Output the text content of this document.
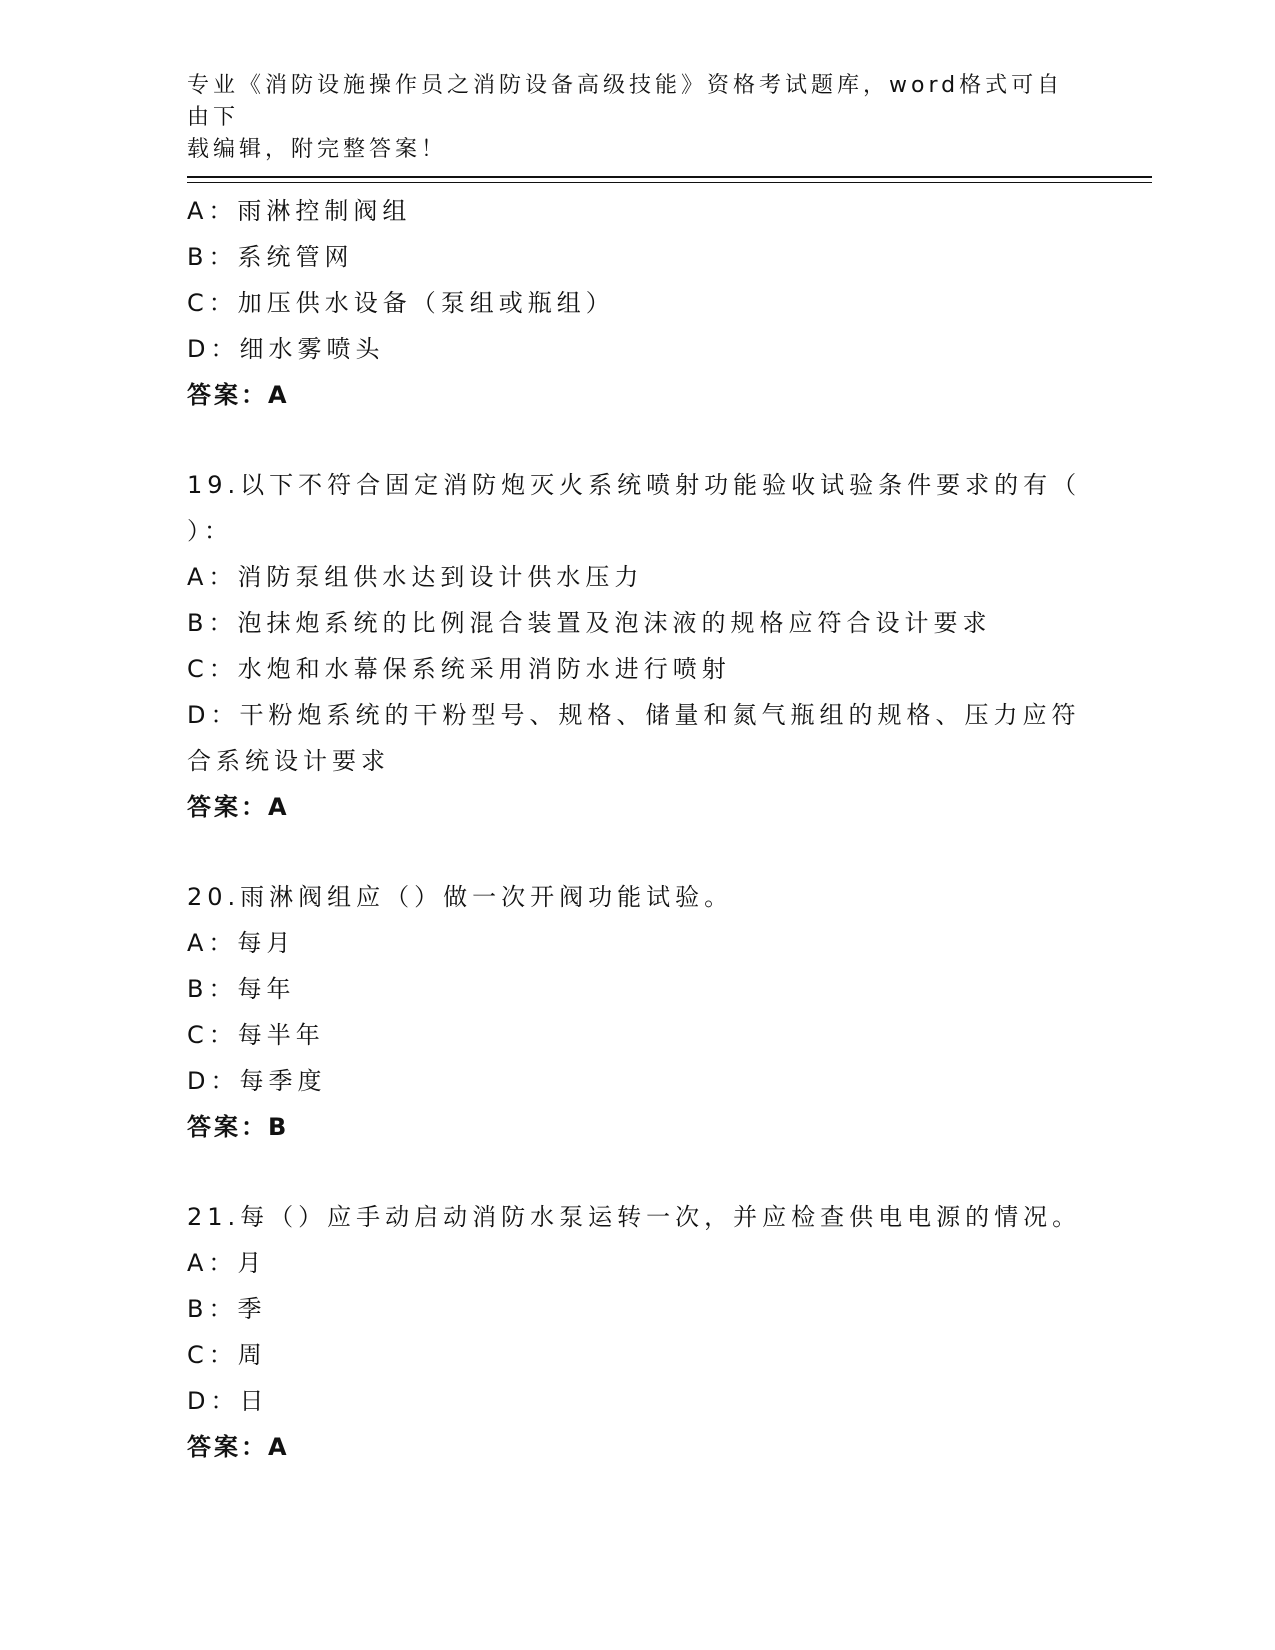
专业《消防设施操作员之消防设备高级技能》资格考试题库，word格式可自由下
载编辑，附完整答案！
A：雨淋控制阀组
B：系统管网
C：加压供水设备（泵组或瓶组）
D：细水雾喷头
答案：A
19.以下不符合固定消防炮灭火系统喷射功能验收试验条件要求的有（
）：
A：消防泵组供水达到设计供水压力
B：泡抹炮系统的比例混合装置及泡沫液的规格应符合设计要求
C：水炮和水幕保系统采用消防水进行喷射
D：干粉炮系统的干粉型号、规格、储量和氮气瓶组的规格、压力应符
合系统设计要求
答案：A
20.雨淋阀组应（）做一次开阀功能试验。
A：每月
B：每年
C：每半年
D：每季度
答案：B
21.每（）应手动启动消防水泵运转一次，并应检查供电电源的情况。
A：月
B：季
C：周
D：日
答案：A
